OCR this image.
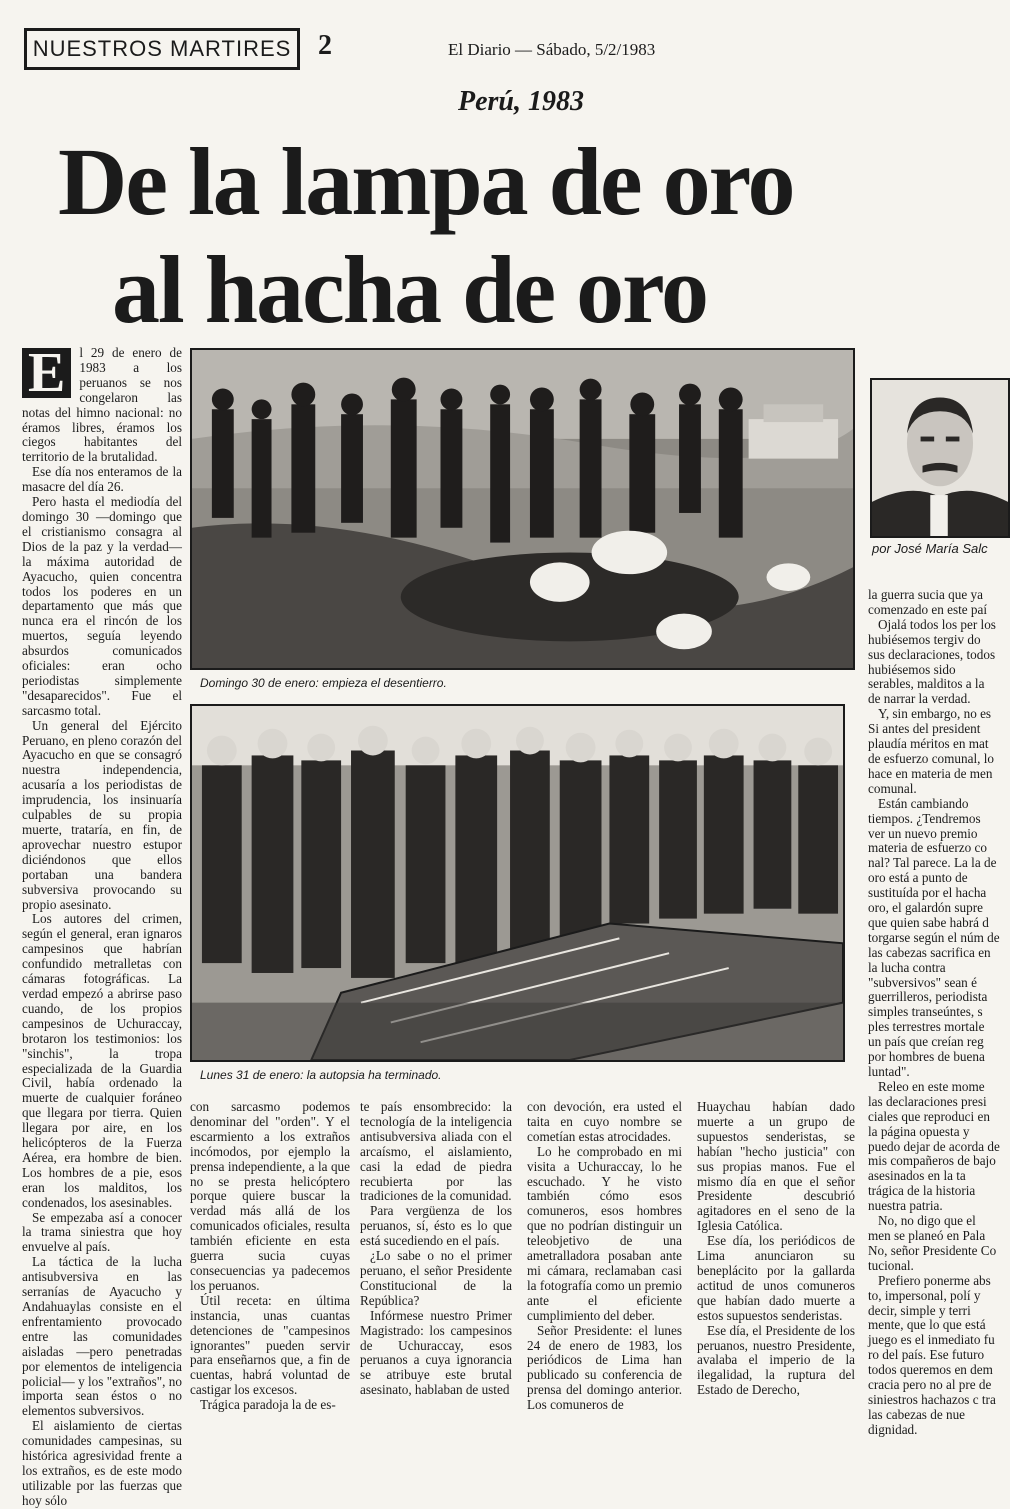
NUESTROS MARTIRES 2	El Diario — Sábado, 5/2/1983
Perú, 1983
De la lampa de oro
al hacha de oro
Domingo 30 de enero: empieza el desentierro.
Lunes 31 de enero: la autopsia ha terminado.
por José María Salc

E	l 29 de enero de 1983 a los peruanos se nos congelaron las notas del himno nacional: no éramos libres, éramos los ciegos habitantes del territorio de la brutalidad.

Ese día nos enteramos de la masacre del día 26.

Pero hasta el mediodía del domingo 30 —domingo que el cristianismo consagra al Dios de la paz y la verdad— la máxima autoridad de Ayacucho, quien concentra todos los poderes en un departamento que más que nunca era el rincón de los muertos, seguía leyendo absurdos comunicados oficiales: eran ocho periodistas simplemente "desaparecidos". Fue el sarcasmo total.

Un general del Ejército Peruano, en pleno corazón del Ayacucho en que se consagró nuestra independencia, acusaría a los periodistas de imprudencia, los insinuaría culpables de su propia muerte, trataría, en fin, de aprovechar nuestro estupor diciéndonos que ellos portaban una bandera subversiva provocando su propio asesinato.

Los autores del crimen, según el general, eran ignaros campesinos que habrían confundido metralletas con cámaras fotográficas. La verdad empezó a abrirse paso cuando, de los propios campesinos de Uchuraccay, brotaron los testimonios: los "sinchis", la tropa especializada de la Guardia Civil, había ordenado la muerte de cualquier foráneo que llegara por tierra. Quien llegara por aire, en los helicópteros de la Fuerza Aérea, era hombre de bien. Los hombres de a pie, esos eran los malditos, los condenados, los asesinables.

Se empezaba así a conocer la trama siniestra que hoy envuelve al país.

La táctica de la lucha antisubversiva en las serranías de Ayacucho y Andahuaylas consiste en el enfrentamiento provocado entre las comunidades aisladas —pero penetradas por elementos de inteligencia policial— y los "extraños", no importa sean éstos o no elementos subversivos.

El aislamiento de ciertas comunidades campesinas, su histórica agresividad frente a los extraños, es de este modo utilizable por las fuerzas que hoy sólo

con sarcasmo podemos denominar del "orden". Y el escarmiento a los extraños incómodos, por ejemplo la prensa independiente, a la que no se presta helicóptero porque quiere buscar la verdad más allá de los comunicados oficiales, resulta también eficiente en esta guerra sucia cuyas consecuencias ya padecemos los peruanos.

Útil receta: en última instancia, unas cuantas detenciones de "campesinos ignorantes" pueden servir para enseñarnos que, a fin de cuentas, habrá voluntad de castigar los excesos.

Trágica paradoja la de es-

te país ensombrecido: la tecnología de la inteligencia antisubversiva aliada con el arcaísmo, el aislamiento, casi la edad de piedra recubierta por las tradiciones de la comunidad.

Para vergüenza de los peruanos, sí, ésto es lo que está sucediendo en el país.

¿Lo sabe o no el primer peruano, el señor Presidente Constitucional de la República?

Infórmese nuestro Primer Magistrado: los campesinos de Uchuraccay, esos peruanos a cuya ignorancia se atribuye este brutal asesinato, hablaban de usted

con devoción, era usted el taita en cuyo nombre se cometían estas atrocidades.

Lo he comprobado en mi visita a Uchuraccay, lo he escuchado. Y he visto también cómo esos comuneros, esos hombres que no podrían distinguir un teleobjetivo de una ametralladora posaban ante mi cámara, reclamaban casi la fotografía como un premio ante el eficiente cumplimiento del deber.

Señor Presidente: el lunes 24 de enero de 1983, los periódicos de Lima han publicado su conferencia de prensa del domingo anterior. Los comuneros de

Huaychau habían dado muerte a un grupo de supuestos senderistas, se habían "hecho justicia" con sus propias manos. Fue el mismo día en que el señor Presidente descubrió agitadores en el seno de la Iglesia Católica.

Ese día, los periódicos de Lima anunciaron su beneplácito por la gallarda actitud de unos comuneros que habían dado muerte a estos supuestos senderistas.

Ese día, el Presidente de los peruanos, nuestro Presidente, avalaba el imperio de la ilegalidad, la ruptura del Estado de Derecho,

la guerra sucia que ya comenzado en este paí

Ojalá todos los per los hubiésemos tergiv do sus declaraciones, todos hubiésemos sido serables, malditos a la de narrar la verdad.

Y, sin embargo, no es Si antes del president plaudía méritos en mat de esfuerzo comunal, lo hace en materia de men comunal.

Están cambiando tiempos. ¿Tendremos ver un nuevo premio materia de esfuerzo co nal? Tal parece. La la de oro está a punto de sustituída por el hacha oro, el galardón supre que quien sabe habrá d torgarse según el núm de las cabezas sacrifica en la lucha contra "subversivos" sean é guerrilleros, periodista simples transeúntes, s ples terrestres mortale un país que creían reg por hombres de buena luntad".

Releo en este mome las declaraciones presi ciales que reproduci en la página opuesta y puedo dejar de acorda de mis compañeros de bajo asesinados en la ta trágica de la historia nuestra patria.

No, no digo que el men se planeó en Pala No, señor Presidente Co tucional.

Prefiero ponerme abs to, impersonal, polí y decir, simple y terri mente, que lo que está juego es el inmediato fu ro del país. Ese futuro todos queremos en dem cracia pero no al pre de siniestros hachazos c tra las cabezas de nue dignidad.
